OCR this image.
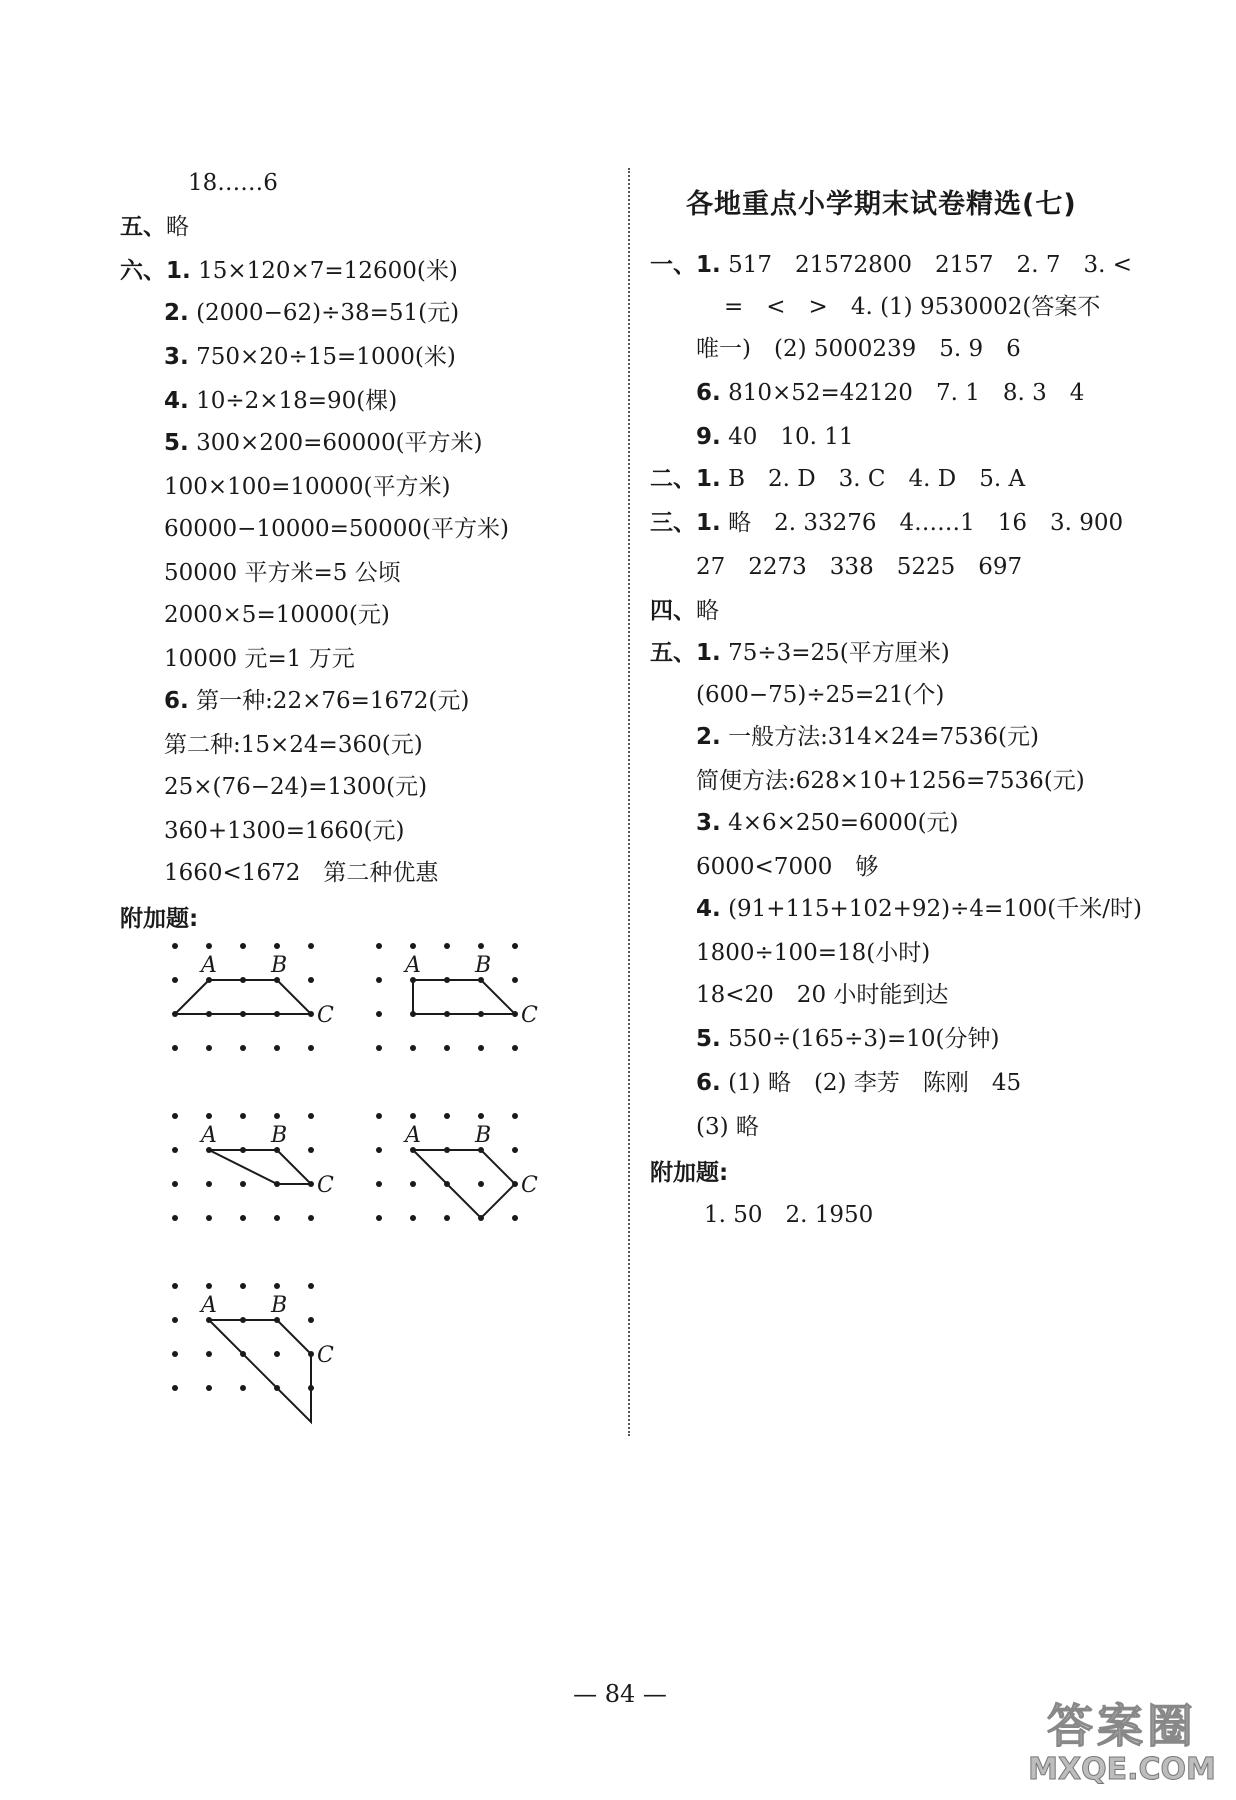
18……6
五、略
六、1. 15×120×7=12600(米)
2. (2000−62)÷38=51(元)
3. 750×20÷15=1000(米)
4. 10÷2×18=90(棵)
5. 300×200=60000(平方米)
100×100=10000(平方米)
60000−10000=50000(平方米)
50000 平方米=5 公顷
2000×5=10000(元)
10000 元=1 万元
6. 第一种:22×76=1672(元)
第二种:15×24=360(元)
25×(76−24)=1300(元)
360+1300=1660(元)
1660<1672　第二种优惠
附加题:
A B
C
A B
C
A B
C
A B
C
A B
C
各地重点小学期末试卷精选(七)
一、1. 517　21572800　2157　2. 7　3. <
=　<　>　4. (1) 9530002(答案不
唯一)　(2) 5000239　5. 9　6
6. 810×52=42120　7. 1　8. 3　4
9. 40　10. 11
二、1. B　2. D　3. C　4. D　5. A
三、1. 略　2. 33276　4……1　16　3. 900
27　2273　338　5225　697
四、略
五、1. 75÷3=25(平方厘米)
(600−75)÷25=21(个)
2. 一般方法:314×24=7536(元)
简便方法:628×10+1256=7536(元)
3. 4×6×250=6000(元)
6000<7000　够
4. (91+115+102+92)÷4=100(千米/时)
1800÷100=18(小时)
18<20　20 小时能到达
5. 550÷(165÷3)=10(分钟)
6. (1) 略　(2) 李芳　陈刚　45
(3) 略
附加题:
1. 50　2. 1950
— 84 —
答案圈
MXQE.COM
